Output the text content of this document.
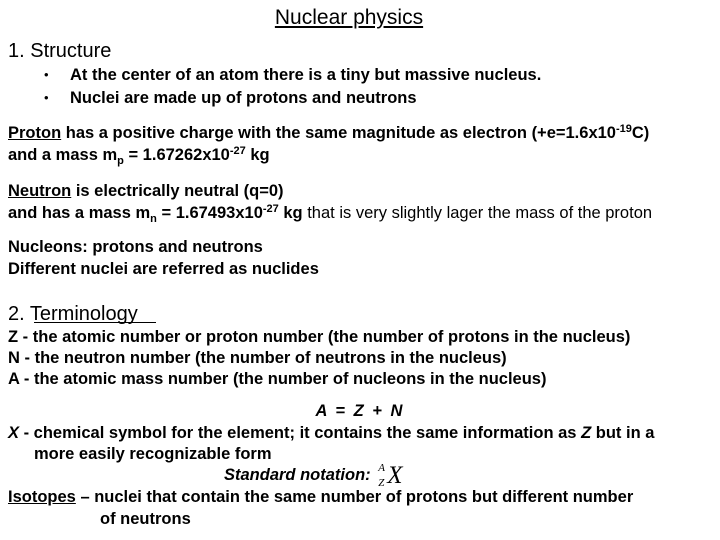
Nuclear physics
1. Structure
• At the center of an atom there is a tiny but massive nucleus.
• Nuclei are made up of protons and neutrons
Proton has a positive charge with the same magnitude as electron $(+e=1.6x10^{-19}C)$
and a mass $m_p = 1.67262x10^{-27}$ kg
Neutron is electrically neutral (q=0)
and has a mass $m_n = 1.67493x10^{-27}$ kg that is very slightly lager the mass of the proton
Nucleons: protons and neutrons
Different nuclei are referred as nuclides
2. Terminology
Z - the atomic number or proton number (the number of protons in the nucleus)
N - the neutron number (the number of neutrons in the nucleus)
A - the atomic mass number (the number of nucleons in the nucleus)
A = Z + N
X - chemical symbol for the element; it contains the same information as Z but in a
more easily recognizable form
Standard notation: A
Z X
Isotopes – nuclei that contain the same number of protons but different number
of neutrons
